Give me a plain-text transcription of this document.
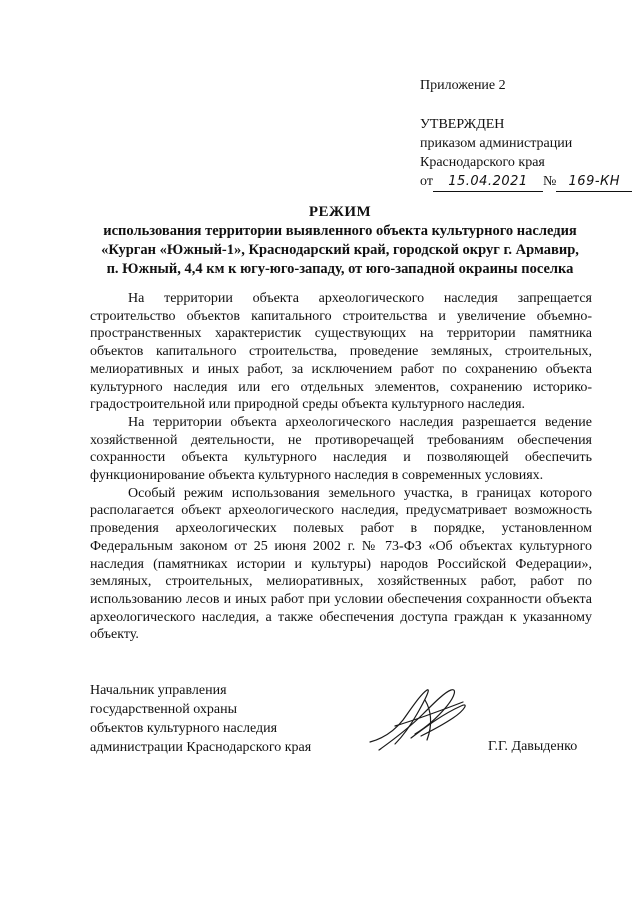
Приложение 2
УТВЕРЖДЕН
приказом администрации
Краснодарского края
от 15.04.2021 № 169-КН
РЕЖИМ
использования территории выявленного объекта культурного наследия
«Курган «Южный-1», Краснодарский край, городской округ г. Армавир,
п. Южный, 4,4 км к югу-юго-западу, от юго-западной окраины поселка

На территории объекта археологического наследия запрещается строительство объектов капитального строительства и увеличение объемно-пространственных характеристик существующих на территории памятника объектов капитального строительства, проведение земляных, строительных, мелиоративных и иных работ, за исключением работ по сохранению объекта культурного наследия или его отдельных элементов, сохранению историко-градостроительной или природной среды объекта культурного наследия.

На территории объекта археологического наследия разрешается ведение хозяйственной деятельности, не противоречащей требованиям обеспечения сохранности объекта культурного наследия и позволяющей обеспечить функционирование объекта культурного наследия в современных условиях.

Особый режим использования земельного участка, в границах которого располагается объект археологического наследия, предусматривает возможность проведения археологических полевых работ в порядке, установленном Федеральным законом от 25 июня 2002 г. № 73-ФЗ «Об объектах культурного наследия (памятниках истории и культуры) народов Российской Федерации», земляных, строительных, мелиоративных, хозяйственных работ, работ по использованию лесов и иных работ при условии обеспечения сохранности объекта археологического наследия, а также обеспечения доступа граждан к указанному объекту.

Начальник управления
государственной охраны
объектов культурного наследия
администрации Краснодарского края	Г.Г. Давыденко
